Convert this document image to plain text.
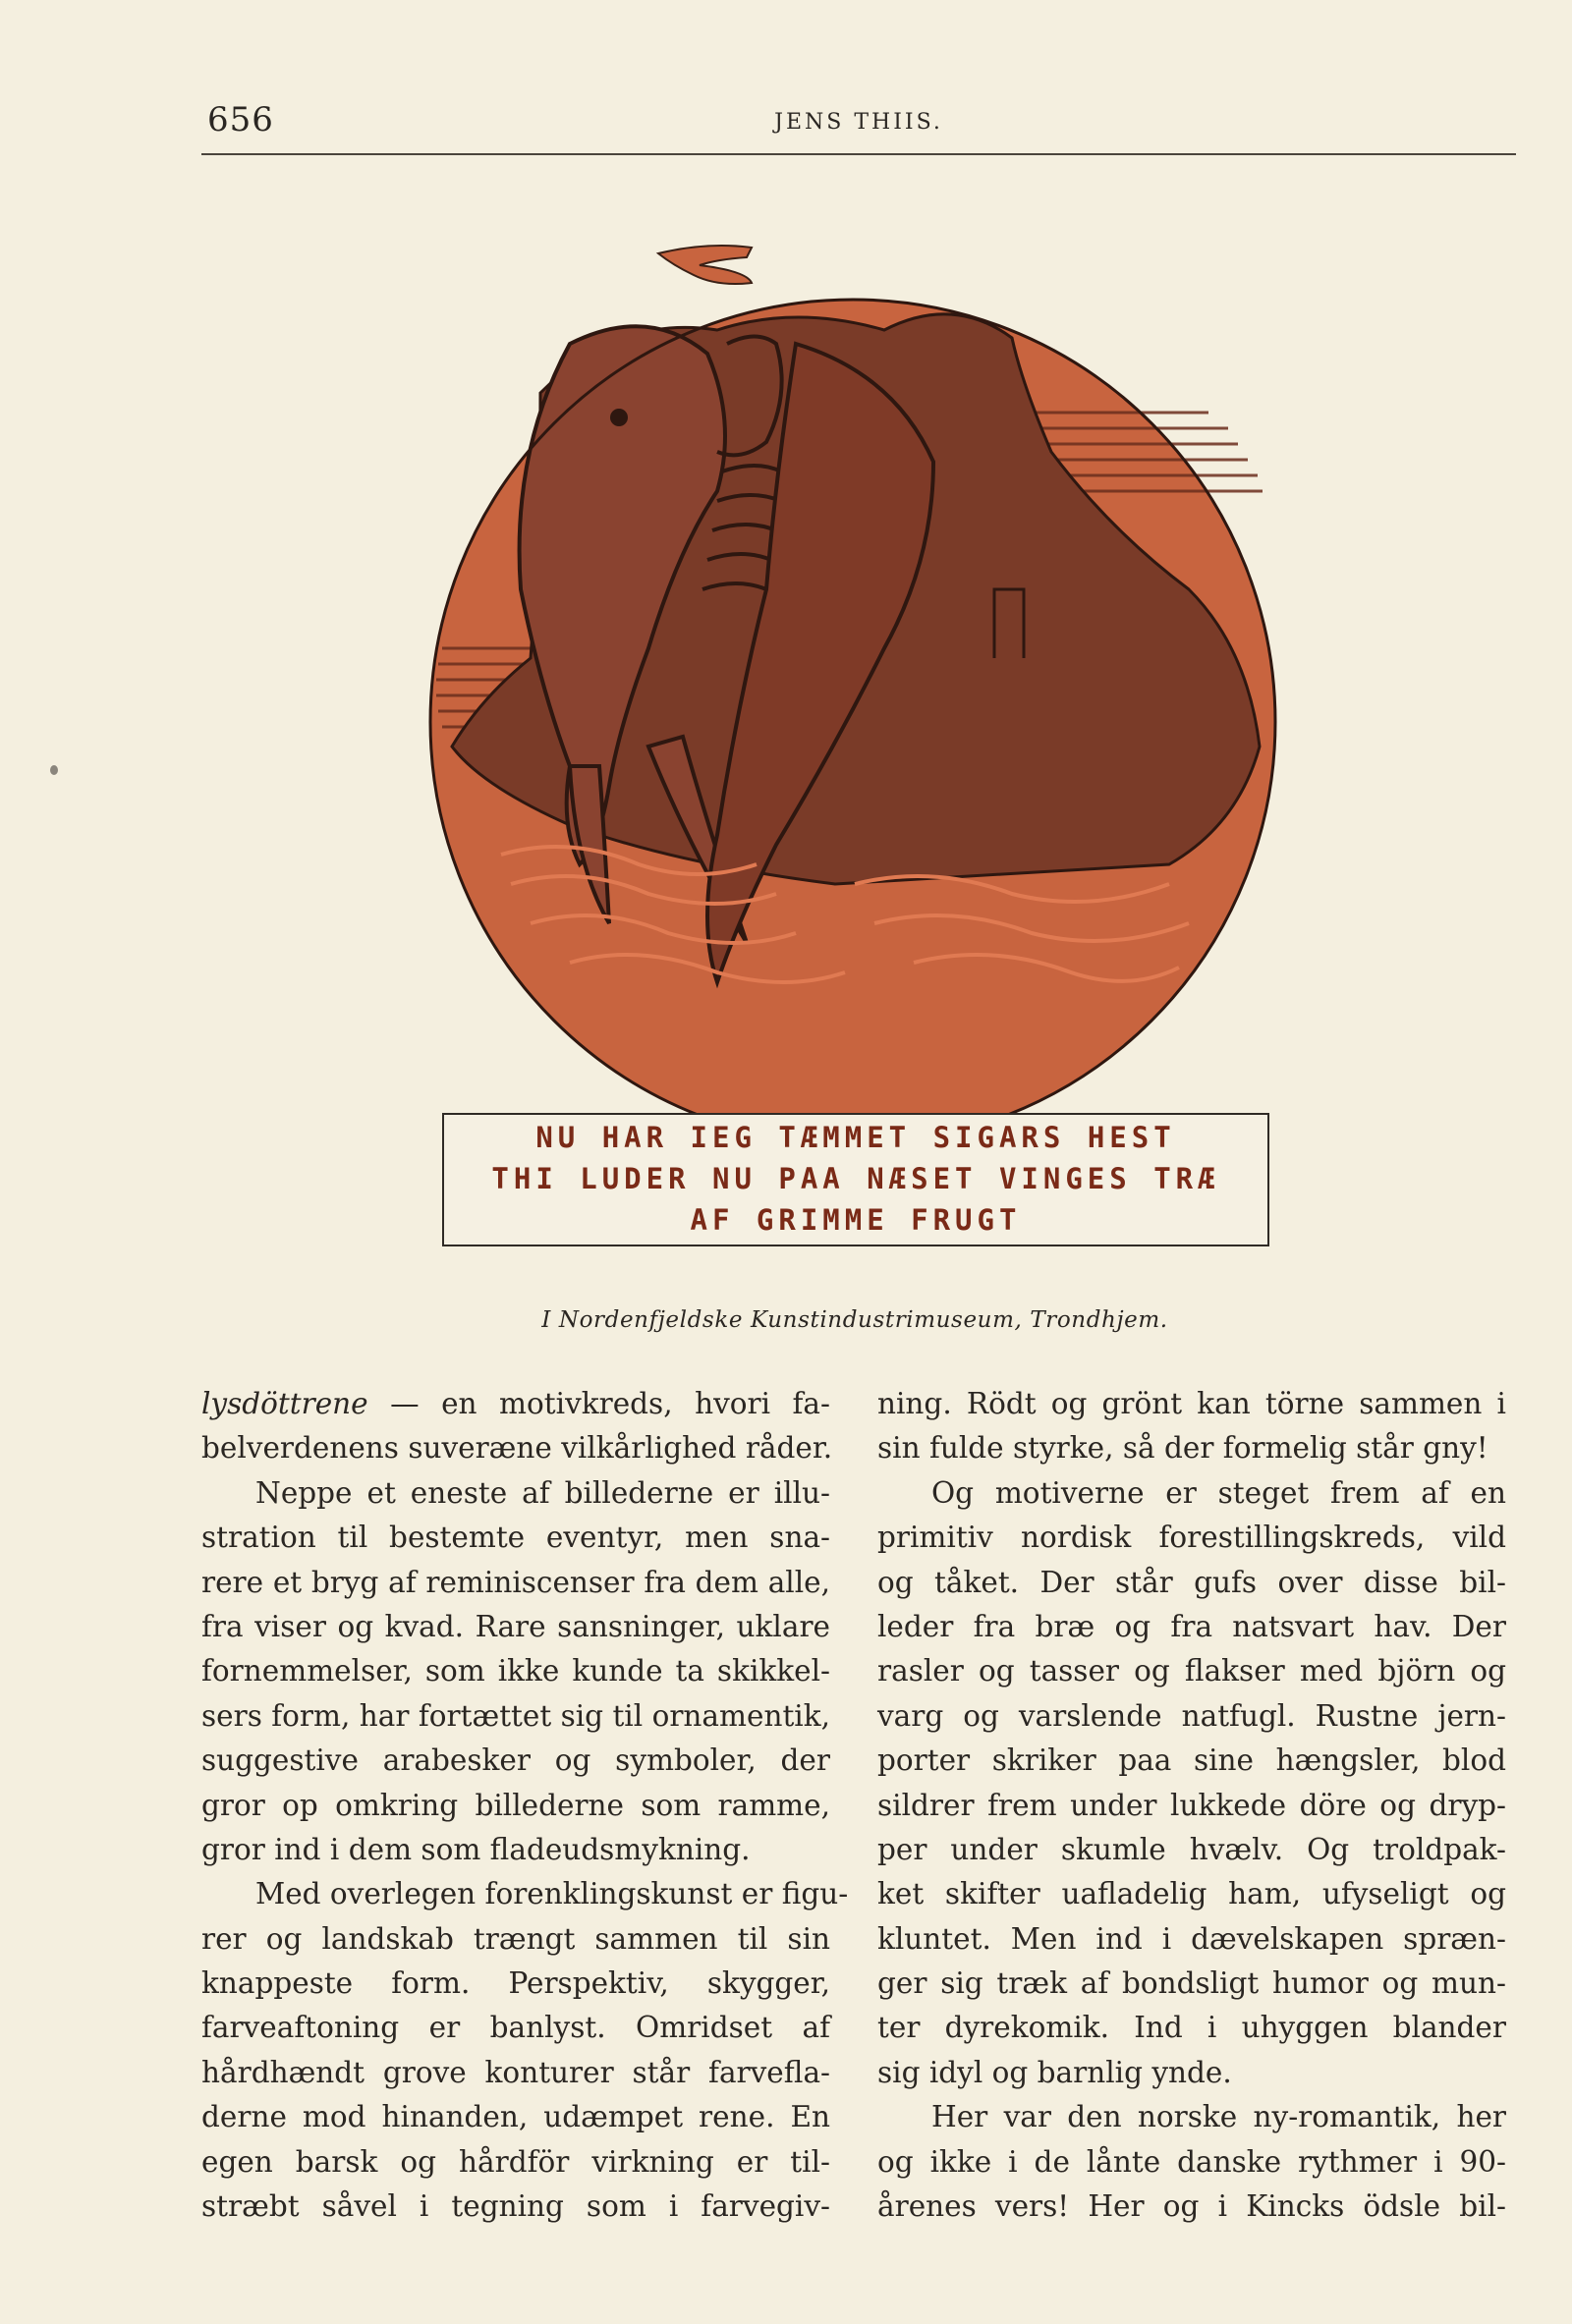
656	JENS THIIS.
NU HAR IEG TÆMMET SIGARS HEST
THI LUDER NU PAA NÆSET VINGES TRÆ
AF GRIMME FRUGT
I Nordenfjeldske Kunstindustrimuseum, Trondhjem.
lysdöttrene — en motivkreds, hvori fa-
belverdenens suveræne vilkårlighed råder.
Neppe et eneste af billederne er illu-
stration til bestemte eventyr, men sna-
rere et bryg af reminiscenser fra dem alle,
fra viser og kvad. Rare sansninger, uklare
fornemmelser, som ikke kunde ta skikkel-
sers form, har fortættet sig til ornamentik,
suggestive arabesker og symboler, der
gror op omkring billederne som ramme,
gror ind i dem som fladeudsmykning.
Med overlegen forenklingskunst er figu-
rer og landskab trængt sammen til sin
knappeste form. Perspektiv, skygger,
farveaftoning er banlyst. Omridset af
hårdhændt grove konturer står farvefla-
derne mod hinanden, udæmpet rene. En
egen barsk og hårdför virkning er til-
stræbt såvel i tegning som i farvegiv-
ning. Rödt og grönt kan törne sammen i
sin fulde styrke, så der formelig står gny!
Og motiverne er steget frem af en
primitiv nordisk forestillingskreds, vild
og tåket. Der står gufs over disse bil-
leder fra bræ og fra natsvart hav. Der
rasler og tasser og flakser med björn og
varg og varslende natfugl. Rustne jern-
porter skriker paa sine hængsler, blod
sildrer frem under lukkede döre og dryp-
per under skumle hvælv. Og troldpak-
ket skifter uafladelig ham, ufyseligt og
kluntet. Men ind i dævelskapen spræn-
ger sig træk af bondsligt humor og mun-
ter dyrekomik. Ind i uhyggen blander
sig idyl og barnlig ynde.
Her var den norske ny-romantik, her
og ikke i de lånte danske rythmer i 90-
årenes vers! Her og i Kincks ödsle bil-
